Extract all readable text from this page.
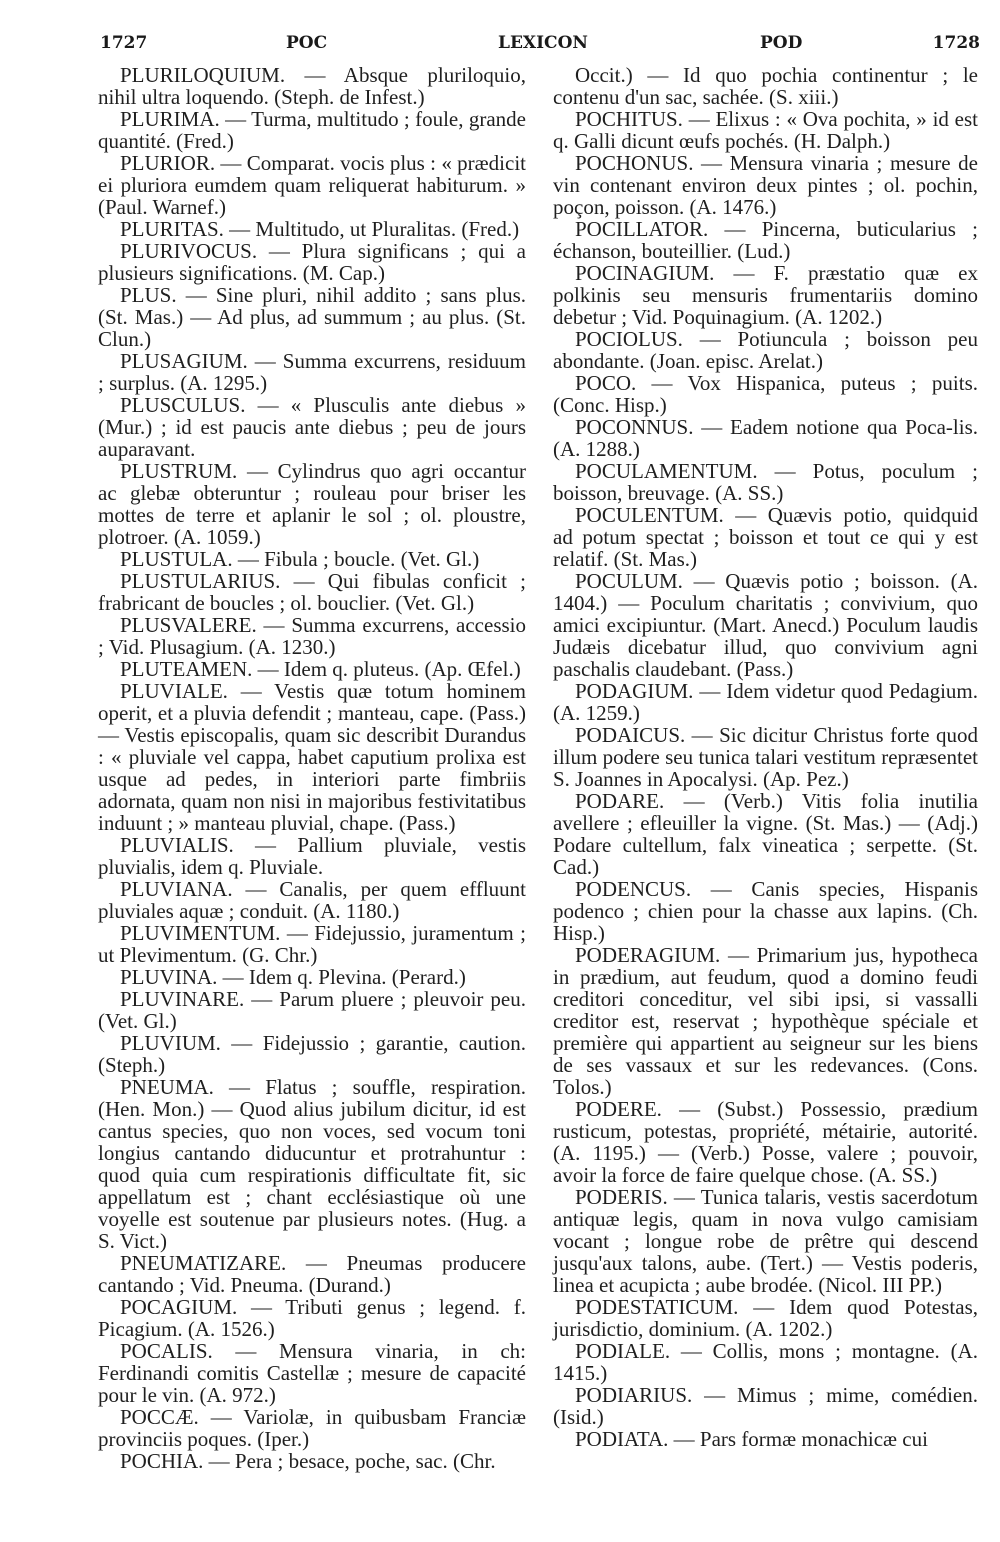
1727	POC	LEXICON	POD	1728

PLURILOQUIUM. — Absque pluriloquio, nihil ultra loquendo. (Steph. de Infest.)

PLURIMA. — Turma, multitudo ; foule, grande quantité. (Fred.)

PLURIOR. — Comparat. vocis plus : « prædicit ei pluriora eumdem quam reliquerat habiturum. » (Paul. Warnef.)

PLURITAS. — Multitudo, ut Pluralitas. (Fred.)

PLURIVOCUS. — Plura significans ; qui a plusieurs significations. (M. Cap.)

PLUS. — Sine pluri, nihil addito ; sans plus. (St. Mas.) — Ad plus, ad summum ; au plus. (St. Clun.)

PLUSAGIUM. — Summa excurrens, residuum ; surplus. (A. 1295.)

PLUSCULUS. — « Plusculis ante diebus » (Mur.) ; id est paucis ante diebus ; peu de jours auparavant.

PLUSTRUM. — Cylindrus quo agri occantur ac glebæ obteruntur ; rouleau pour briser les mottes de terre et aplanir le sol ; ol. ploustre, plotroer. (A. 1059.)

PLUSTULA. — Fibula ; boucle. (Vet. Gl.)

PLUSTULARIUS. — Qui fibulas conficit ; frabricant de boucles ; ol. bouclier. (Vet. Gl.)

PLUSVALERE. — Summa excurrens, accessio ; Vid. Plusagium. (A. 1230.)

PLUTEAMEN. — Idem q. pluteus. (Ap. Œfel.)

PLUVIALE. — Vestis quæ totum hominem operit, et a pluvia defendit ; manteau, cape. (Pass.) — Vestis episcopalis, quam sic describit Durandus : « pluviale vel cappa, habet caputium prolixa est usque ad pedes, in interiori parte fimbriis adornata, quam non nisi in majoribus festivitatibus induunt ; » manteau pluvial, chape. (Pass.)

PLUVIALIS. — Pallium pluviale, vestis pluvialis, idem q. Pluviale.

PLUVIANA. — Canalis, per quem effluunt pluviales aquæ ; conduit. (A. 1180.)

PLUVIMENTUM. — Fidejussio, juramentum ; ut Plevimentum. (G. Chr.)

PLUVINA. — Idem q. Plevina. (Perard.)

PLUVINARE. — Parum pluere ; pleuvoir peu. (Vet. Gl.)

PLUVIUM. — Fidejussio ; garantie, caution. (Steph.)

PNEUMA. — Flatus ; souffle, respiration. (Hen. Mon.) — Quod alius jubilum dicitur, id est cantus species, quo non voces, sed vocum toni longius cantando diducuntur et protrahuntur : quod quia cum respirationis difficultate fit, sic appellatum est ; chant ecclésiastique où une voyelle est soutenue par plusieurs notes. (Hug. a S. Vict.)

PNEUMATIZARE. — Pneumas producere cantando ; Vid. Pneuma. (Durand.)

POCAGIUM. — Tributi genus ; legend. f. Picagium. (A. 1526.)

POCALIS. — Mensura vinaria, in ch: Ferdinandi comitis Castellæ ; mesure de capacité pour le vin. (A. 972.)

POCCÆ. — Variolæ, in quibusbam Franciæ provinciis poques. (Iper.)

POCHIA. — Pera ; besace, poche, sac. (Chr.

Occit.) — Id quo pochia continentur ; le contenu d'un sac, sachée. (S. xiii.)

POCHITUS. — Elixus : « Ova pochita, » id est q. Galli dicunt œufs pochés. (H. Dalph.)

POCHONUS. — Mensura vinaria ; mesure de vin contenant environ deux pintes ; ol. pochin, poçon, poisson. (A. 1476.)

POCILLATOR. — Pincerna, buticularius ; échanson, bouteillier. (Lud.)

POCINAGIUM. — F. præstatio quæ ex polkinis seu mensuris frumentariis domino debetur ; Vid. Poquinagium. (A. 1202.)

POCIOLUS. — Potiuncula ; boisson peu abondante. (Joan. episc. Arelat.)

POCO. — Vox Hispanica, puteus ; puits. (Conc. Hisp.)

POCONNUS. — Eadem notione qua Poca-lis. (A. 1288.)

POCULAMENTUM. — Potus, poculum ; boisson, breuvage. (A. SS.)

POCULENTUM. — Quævis potio, quidquid ad potum spectat ; boisson et tout ce qui y est relatif. (St. Mas.)

POCULUM. — Quævis potio ; boisson. (A. 1404.) — Poculum charitatis ; convivium, quo amici excipiuntur. (Mart. Anecd.) Poculum laudis Judæis dicebatur illud, quo convivium agni paschalis claudebant. (Pass.)

PODAGIUM. — Idem videtur quod Pedagium. (A. 1259.)

PODAICUS. — Sic dicitur Christus forte quod illum podere seu tunica talari vestitum repræsentet S. Joannes in Apocalysi. (Ap. Pez.)

PODARE. — (Verb.) Vitis folia inutilia avellere ; efleuiller la vigne. (St. Mas.) — (Adj.) Podare cultellum, falx vineatica ; serpette. (St. Cad.)

PODENCUS. — Canis species, Hispanis podenco ; chien pour la chasse aux lapins. (Ch. Hisp.)

PODERAGIUM. — Primarium jus, hypotheca in prædium, aut feudum, quod a domino feudi creditori conceditur, vel sibi ipsi, si vassalli creditor est, reservat ; hypothèque spéciale et première qui appartient au seigneur sur les biens de ses vassaux et sur les redevances. (Cons. Tolos.)

PODERE. — (Subst.) Possessio, prædium rusticum, potestas, propriété, métairie, autorité. (A. 1195.) — (Verb.) Posse, valere ; pouvoir, avoir la force de faire quelque chose. (A. SS.)

PODERIS. — Tunica talaris, vestis sacerdotum antiquæ legis, quam in nova vulgo camisiam vocant ; longue robe de prêtre qui descend jusqu'aux talons, aube. (Tert.) — Vestis poderis, linea et acupicta ; aube brodée. (Nicol. III PP.)

PODESTATICUM. — Idem quod Potestas, jurisdictio, dominium. (A. 1202.)

PODIALE. — Collis, mons ; montagne. (A. 1415.)

PODIARIUS. — Mimus ; mime, comédien. (Isid.)

PODIATA. — Pars formæ monachicæ cui
